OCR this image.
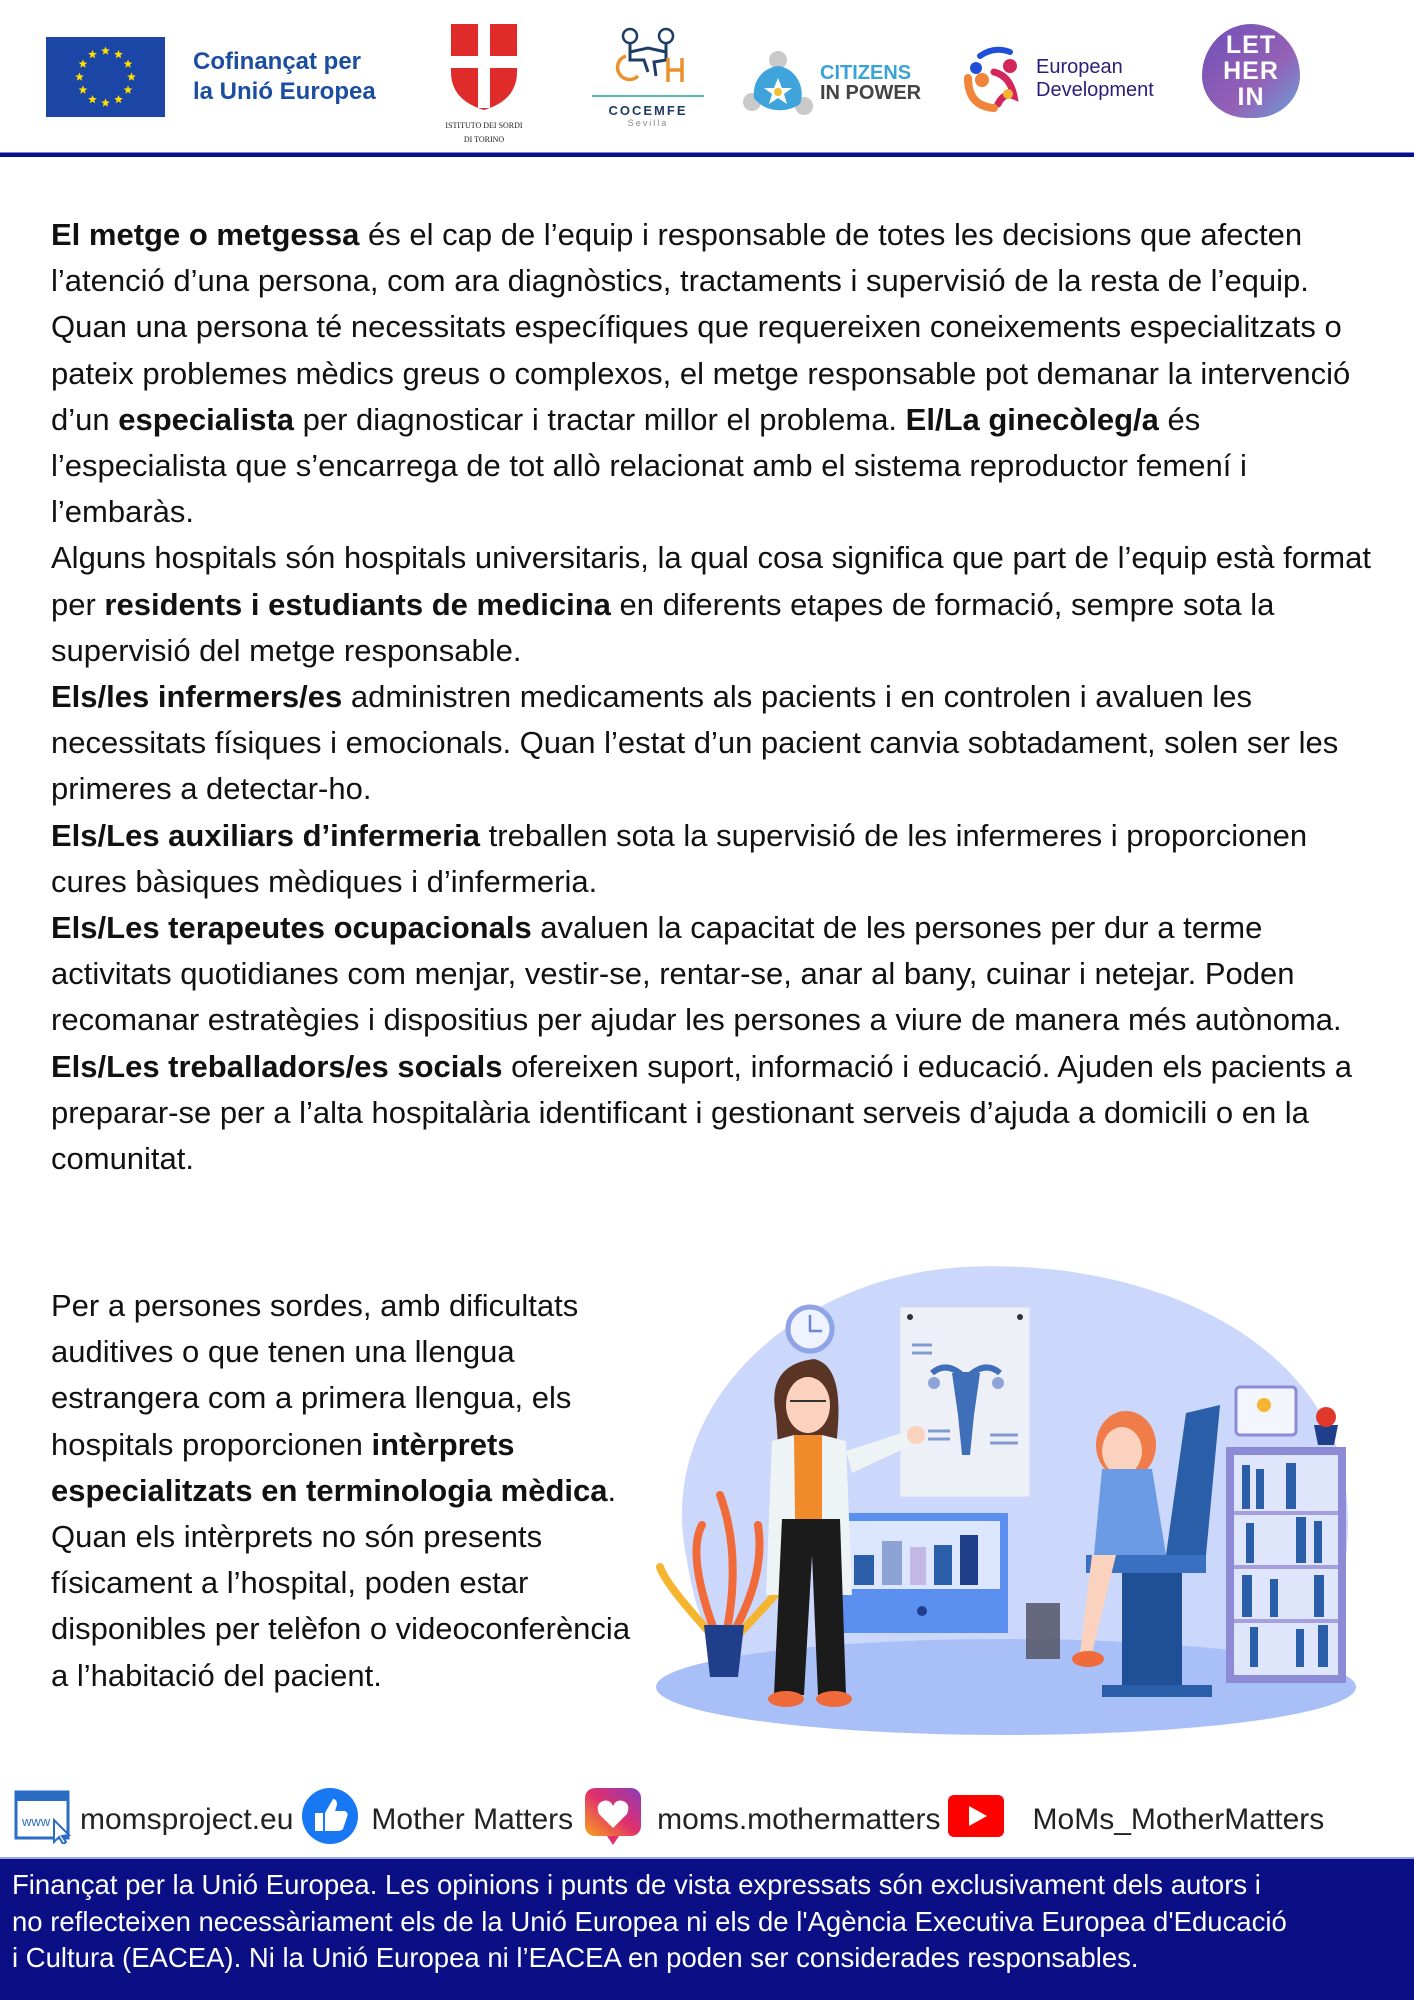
Cofinançat per
la Unió Europea
ISTITUTO DEI SORDI
DI TORINO
COCEMFE
Sevilla
CITIZENS
IN POWER
European
Development
LET
HER
IN

El metge o metgessa és el cap de l’equip i responsable de totes les decisions que afecten l’atenció d’una persona, com ara diagnòstics, tractaments i supervisió de la resta de l’equip.

Quan una persona té necessitats específiques que requereixen coneixements especialitzats o pateix problemes mèdics greus o complexos, el metge responsable pot demanar la intervenció d’un especialista per diagnosticar i tractar millor el problema. El/La ginecòleg/a és l’especialista que s’encarrega de tot allò relacionat amb el sistema reproductor femení i l’embaràs.

Alguns hospitals són hospitals universitaris, la qual cosa significa que part de l’equip està format per residents i estudiants de medicina en diferents etapes de formació, sempre sota la supervisió del metge responsable.

Els/les infermers/es administren medicaments als pacients i en controlen i avaluen les necessitats físiques i emocionals. Quan l’estat d’un pacient canvia sobtadament, solen ser les primeres a detectar-ho.

Els/Les auxiliars d’infermeria treballen sota la supervisió de les infermeres i proporcionen cures bàsiques mèdiques i d’infermeria.

Els/Les terapeutes ocupacionals avaluen la capacitat de les persones per dur a terme activitats quotidianes com menjar, vestir-se, rentar-se, anar al bany, cuinar i netejar. Poden recomanar estratègies i dispositius per ajudar les persones a viure de manera més autònoma.

Els/Les treballadors/es socials ofereixen suport, informació i educació. Ajuden els pacients a preparar-se per a l’alta hospitalària identificant i gestionant serveis d’ajuda a domicili o en la comunitat.

Per a persones sordes, amb dificultats auditives o que tenen una llengua estrangera com a primera llengua, els hospitals proporcionen intèrprets especialitzats en terminologia mèdica. Quan els intèrprets no són presents físicament a l’hospital, poden estar disponibles per telèfon o videoconferència a l’habitació del pacient.
www momsproject.eu	Mother Matters	moms.mothermatters	MoMs_MotherMatters
Finançat per la Unió Europea. Les opinions i punts de vista expressats són exclusivament dels autors i
no reflecteixen necessàriament els de la Unió Europea ni els de l'Agència Executiva Europea d'Educació
i Cultura (EACEA). Ni la Unió Europea ni l’EACEA en poden ser considerades responsables.
